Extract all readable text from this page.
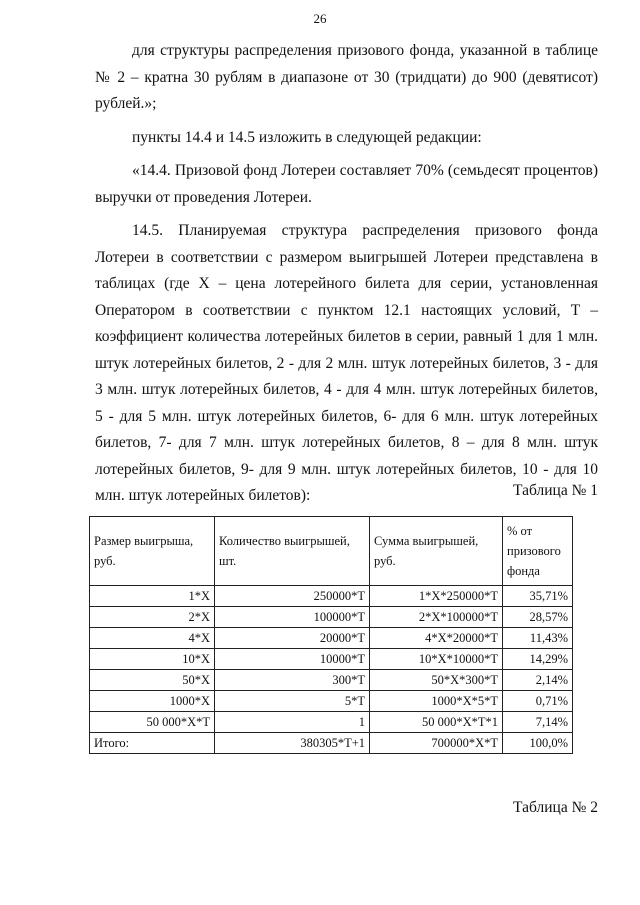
26

для структуры распределения призового фонда, указанной в таблице № 2 – кратна 30 рублям в диапазоне от 30 (тридцати) до 900 (девятисот) рублей.»;

пункты 14.4 и 14.5 изложить в следующей редакции:

«14.4. Призовой фонд Лотереи составляет 70% (семьдесят процентов) выручки от проведения Лотереи.

14.5. Планируемая структура распределения призового фонда Лотереи в соответствии с размером выигрышей Лотереи представлена в таблицах (где X – цена лотерейного билета для серии, установленная Оператором в соответствии с пунктом 12.1 настоящих условий, T – коэффициент количества лотерейных билетов в серии, равный 1 для 1 млн. штук лотерейных билетов, 2 - для 2 млн. штук лотерейных билетов, 3 - для 3 млн. штук лотерейных билетов, 4 - для 4 млн. штук лотерейных билетов, 5 - для 5 млн. штук лотерейных билетов, 6- для 6 млн. штук лотерейных билетов, 7- для 7 млн. штук лотерейных билетов, 8 – для 8 млн. штук лотерейных билетов, 9- для 9 млн. штук лотерейных билетов, 10 - для 10 млн. штук лотерейных билетов):	Таблица № 1
Размер выигрыша, руб.	Количество выигрышей, шт.	Сумма выигрышей, руб.	% от призового фонда
1*X	250000*T	1*X*250000*T	35,71%
2*X	100000*T	2*X*100000*T	28,57%
4*X	20000*T	4*X*20000*T	11,43%
10*X	10000*T	10*X*10000*T	14,29%
50*X	300*T	50*X*300*T	2,14%
1000*X	5*T	1000*X*5*T	0,71%
50 000*X*T	1	50 000*X*T*1	7,14%
Итого:	380305*T+1	700000*X*T	100,0%
Таблица № 2
